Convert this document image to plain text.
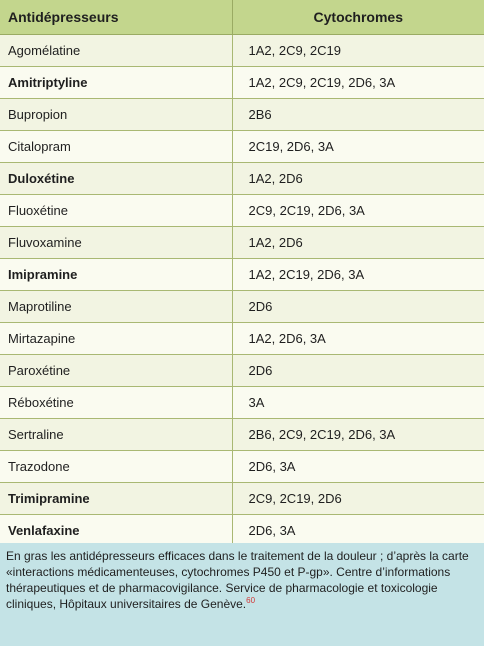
Antidépresseurs	Cytochromes
Agomélatine	1A2, 2C9, 2C19
Amitriptyline	1A2, 2C9, 2C19, 2D6, 3A
Bupropion	2B6
Citalopram	2C19, 2D6, 3A
Duloxétine	1A2, 2D6
Fluoxétine	2C9, 2C19, 2D6, 3A
Fluvoxamine	1A2, 2D6
Imipramine	1A2, 2C19, 2D6, 3A
Maprotiline	2D6
Mirtazapine	1A2, 2D6, 3A
Paroxétine	2D6
Réboxétine	3A
Sertraline	2B6, 2C9, 2C19, 2D6, 3A
Trazodone	2D6, 3A
Trimipramine	2C9, 2C19, 2D6
Venlafaxine	2D6, 3A
En gras les antidépresseurs efficaces dans le traitement de la douleur ; d’après la carte «interactions médicamenteuses, cytochromes P450 et P-gp». Centre d’informations thérapeutiques et de pharmacovigilance. Service de pharmacologie et toxicologie cliniques, Hôpitaux universitaires de Genève.$^{60}$
